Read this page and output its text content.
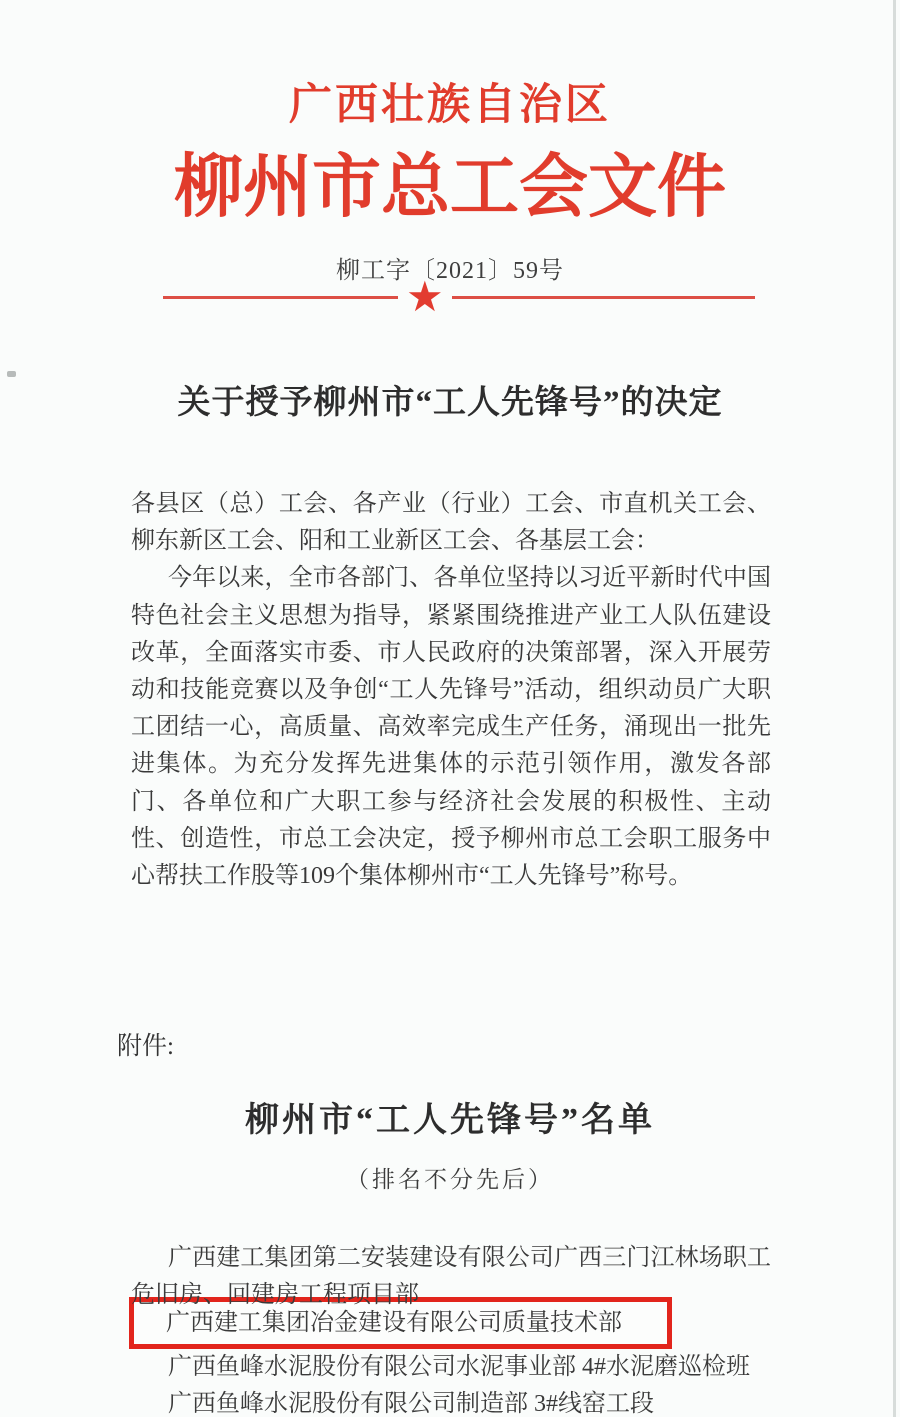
广西壮族自治区
柳州市总工会文件
柳工字〔2021〕59号
★
关于授予柳州市“工人先锋号”的决定

各县区（总）工会、各产业（行业）工会、市直机关工会、柳东新区工会、阳和工业新区工会、各基层工会：

今年以来，全市各部门、各单位坚持以习近平新时代中国特色社会主义思想为指导，紧紧围绕推进产业工人队伍建设改革，全面落实市委、市人民政府的决策部署，深入开展劳动和技能竞赛以及争创“工人先锋号”活动，组织动员广大职工团结一心，高质量、高效率完成生产任务，涌现出一批先进集体。为充分发挥先进集体的示范引领作用，激发各部门、各单位和广大职工参与经济社会发展的积极性、主动性、创造性，市总工会决定，授予柳州市总工会职工服务中心帮扶工作股等109个集体柳州市“工人先锋号”称号。

附件:
柳州市“工人先锋号”名单
（排名不分先后）

广西建工集团第二安装建设有限公司广西三门江林场职工危旧房、回建房工程项目部

广西建工集团冶金建设有限公司质量技术部

广西鱼峰水泥股份有限公司水泥事业部 4#水泥磨巡检班

广西鱼峰水泥股份有限公司制造部 3#线窑工段
